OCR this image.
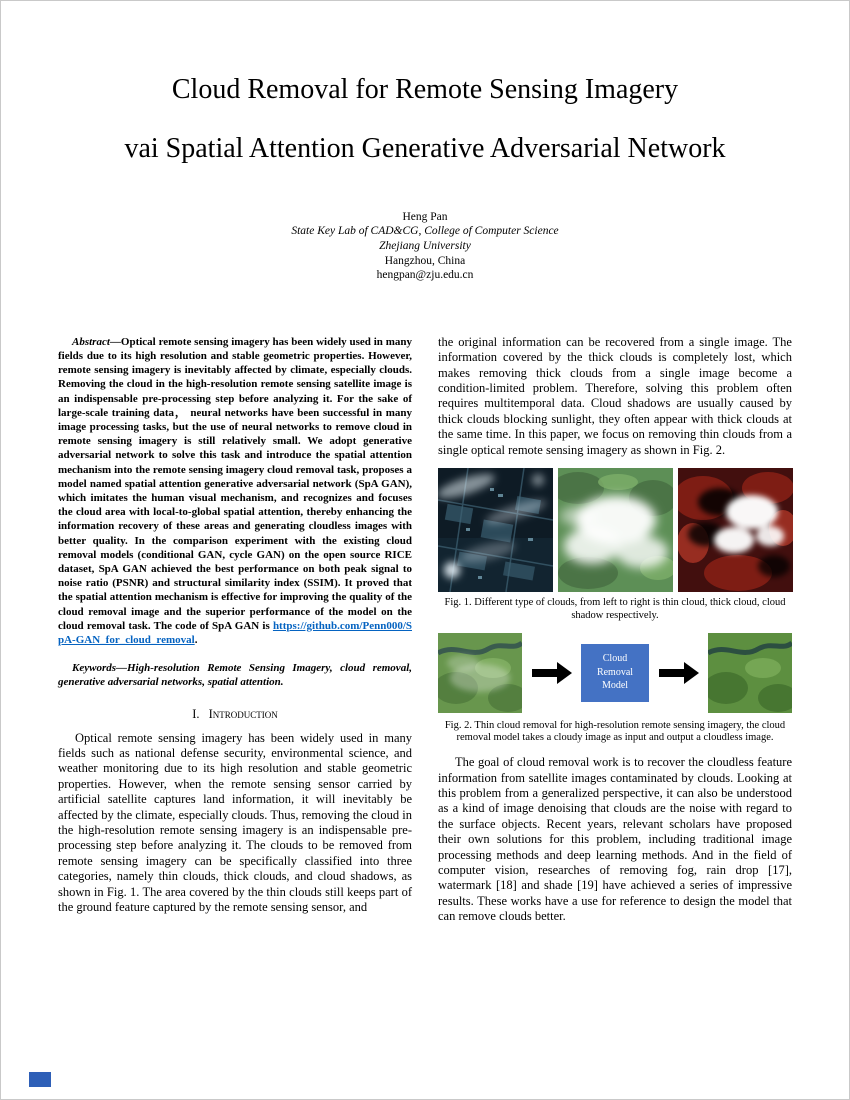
Cloud Removal for Remote Sensing Imagery
vai Spatial Attention Generative Adversarial Network
Heng Pan
State Key Lab of CAD&CG, College of Computer Science
Zhejiang University
Hangzhou, China
hengpan@zju.edu.cn

Abstract—Optical remote sensing imagery has been widely used in many fields due to its high resolution and stable geometric properties. However, remote sensing imagery is inevitably affected by climate, especially clouds. Removing the cloud in the high-resolution remote sensing satellite image is an indispensable pre-processing step before analyzing it. For the sake of large-scale training data， neural networks have been successful in many image processing tasks, but the use of neural networks to remove cloud in remote sensing imagery is still relatively small. We adopt generative adversarial network to solve this task and introduce the spatial attention mechanism into the remote sensing imagery cloud removal task, proposes a model named spatial attention generative adversarial network (SpA GAN), which imitates the human visual mechanism, and recognizes and focuses the cloud area with local-to-global spatial attention, thereby enhancing the information recovery of these areas and generating cloudless images with better quality. In the comparison experiment with the existing cloud removal models (conditional GAN, cycle GAN) on the open source RICE dataset, SpA GAN achieved the best performance on both peak signal to noise ratio (PSNR) and structural similarity index (SSIM). It proved that the spatial attention mechanism is effective for improving the quality of the cloud removal image and the superior performance of the model on the cloud removal task. The code of SpA GAN is https://github.com/Penn000/SpA-GAN_for_cloud_removal.

Keywords—High-resolution Remote Sensing Imagery, cloud removal, generative adversarial networks, spatial attention.

I. Introduction

Optical remote sensing imagery has been widely used in many fields such as national defense security, environmental science, and weather monitoring due to its high resolution and stable geometric properties. However, when the remote sensing sensor carried by artificial satellite captures land information, it will inevitably be affected by the climate, especially clouds. Thus, removing the cloud in the high-resolution remote sensing imagery is an indispensable pre-processing step before analyzing it. The clouds to be removed from remote sensing imagery can be specifically classified into three categories, namely thin clouds, thick clouds, and cloud shadows, as shown in Fig. 1. The area covered by the thin clouds still keeps part of the ground feature captured by the remote sensing sensor, and

the original information can be recovered from a single image. The information covered by the thick clouds is completely lost, which makes removing thick clouds from a single image become a condition-limited problem. Therefore, solving this problem often requires multitemporal data. Cloud shadows are usually caused by thick clouds blocking sunlight, they often appear with thick clouds at the same time. In this paper, we focus on removing thin clouds from a single optical remote sensing imagery as shown in Fig. 2.

Fig. 1. Different type of clouds, from left to right is thin cloud, thick cloud, cloud shadow respectively.
Cloud Removal Model
Fig. 2. Thin cloud removal for high-resolution remote sensing imagery, the cloud removal model takes a cloudy image as input and output a cloudless image.

The goal of cloud removal work is to recover the cloudless feature information from satellite images contaminated by clouds. Looking at this problem from a generalized perspective, it can also be understood as a kind of image denoising that clouds are the noise with regard to the surface objects. Recent years, relevant scholars have proposed their own solutions for this problem, including traditional image processing methods and deep learning methods. And in the field of computer vision, researches of removing fog, rain drop [17], watermark [18] and shade [19] have achieved a series of impressive results. These works have a use for reference to design the model that can remove clouds better.
